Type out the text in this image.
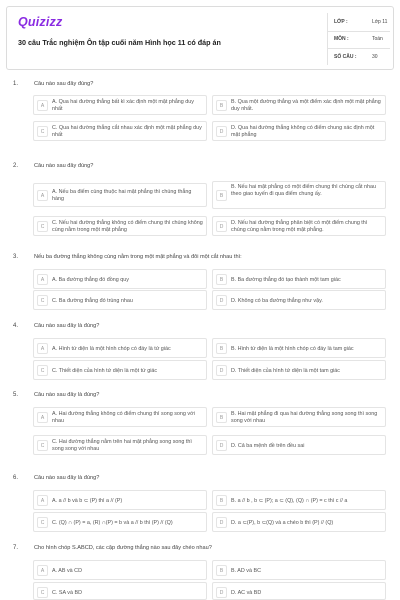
Quizizz
30 câu Trắc nghiệm Ôn tập cuối năm Hình học 11 có đáp án
LỚP :	Lớp 11
MÔN :	Toán
SỐ CÂU :	30
1.	Câu nào sau đây đúng?
A
A. Qua hai đường thẳng bất kì xác định một mặt phẳng duy nhất	B
B. Qua một đường thẳng và một điểm xác định một mặt phẳng duy nhất.
C
C. Qua hai đường thẳng cắt nhau xác định một mặt phẳng duy nhất	D
D. Qua hai đường thẳng không có điểm chung xác định một mặt phẳng
2.	Câu nào sau đây đúng?
A
A. Nếu ba điểm cùng thuộc hai mặt phẳng thì chúng thẳng hàng	B
B. Nếu hai mặt phẳng có một điểm chung thì chúng cắt nhau theo giao tuyến đi qua điểm chung ấy.
C
C. Nếu hai đường thẳng không có điểm chung thì chúng không cùng nằm trong một mặt phẳng	D
D. Nếu hai đường thẳng phân biệt có một điểm chung thì chúng cùng nằm trong một mặt phẳng.
3.	Nếu ba đường thẳng không cùng nằm trong một mặt phẳng và đôi một cắt nhau thì:
A	A. Ba đường thẳng đó đồng quy	B	B. Ba đường thẳng đó tạo thành một tam giác
C	C. Ba đường thẳng đó trùng nhau	D	D. Không có ba đường thẳng như vậy.
4.	Câu nào sau đây là đúng?
A	A. Hình tứ diện là một hình chóp có đáy là tứ giác	B	B. Hình tứ diện là một hình chóp có đáy là tam giác
C	C. Thiết diện của hình tứ diện là một tứ giác	D	D. Thiết diện của hình tứ diện là một tam giác
5.	Câu nào sau đây là đúng?
A
A. Hai đường thẳng không có điểm chung thì song song với nhau	B
B. Hai mặt phẳng đi qua hai đường thẳng song song thì song song với nhau
C
C. Hai đường thẳng nằm trên hai mặt phẳng song song thì song song với nhau	D	D. Cả ba mệnh đề trên đều sai
6.	Câu nào sau đây là đúng?
A	A. a // b và b ⊂ (P) thì a // (P)	B	B. a // b , b ⊂ (P); a ⊂ (Q), (Q) ∩ (P) = c thì c // a
C	C. (Q) ∩ (P) = a, (R) ∩(P) = b và a // b thì (P) // (Q)	D	D. a ⊂(P), b ⊂(Q) và a chéo b thì (P) // (Q)
7.	Cho hình chóp S.ABCD, các cặp đường thẳng nào sau đây chéo nhau?
A	A. AB và CD	B	B. AD và BC
C	C. SA và BD	D	D. AC và BD
